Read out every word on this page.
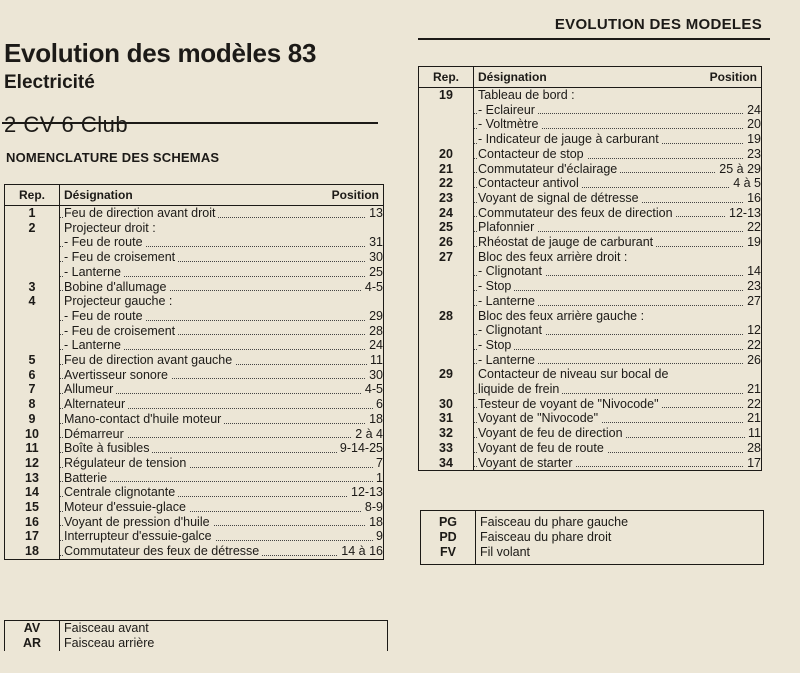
EVOLUTION DES MODELES
Evolution des modèles 83
Electricité
2 CV 6 Club
NOMENCLATURE DES SCHEMAS
Rep.	Désignation	Position
1	Feu de direction avant droit 13	

2	Projecteur droit :	

- Feu de route 31	

- Feu de croisement 30	

- Lanterne 25	

3	Bobine d'allumage 4-5	

4	Projecteur gauche :	

- Feu de route 29	

- Feu de croisement 28	

- Lanterne 24	

5	Feu de direction avant gauche 11	

6	Avertisseur sonore 30	

7	Allumeur 4-5	

8	Alternateur 6	

9	Mano-contact d'huile moteur 18	

10	Démarreur 2 à 4	

11	Boîte à fusibles 9-14-25	

12	Régulateur de tension 7	

13	Batterie 1	

14	Centrale clignotante 12-13	

15	Moteur d'essuie-glace 8-9	

16	Voyant de pression d'huile 18	

17	Interrupteur d'essuie-galce 9	

18	Commutateur des feux de détresse 14 à 16	
Rep.	Désignation	Position
19	Tableau de bord :	

- Eclaireur 24	

- Voltmètre 20	

- Indicateur de jauge à carburant 19	

20	Contacteur de stop 23	

21	Commutateur d'éclairage 25 à 29	

22	Contacteur antivol 4 à 5	

23	Voyant de signal de détresse 16	

24	Commutateur des feux de direction 12-13	

25	Plafonnier 22	

26	Rhéostat de jauge de carburant 19	

27	Bloc des feux arrière droit :	

- Clignotant 14	

- Stop 23	

- Lanterne 27	

28	Bloc des feux arrière gauche :	

- Clignotant 12	

- Stop 22	

- Lanterne 26	

29	Contacteur de niveau sur bocal de	

liquide de frein 21	

30	Testeur de voyant de "Nivocode" 22	

31	Voyant de "Nivocode" 21	

32	Voyant de feu de direction 11	

33	Voyant de feu de route 28	

34	Voyant de starter 17	
PG	Faisceau du phare gauche
PD	Faisceau du phare droit
FV	Fil volant
AV	Faisceau avant
AR	Faisceau arrière
